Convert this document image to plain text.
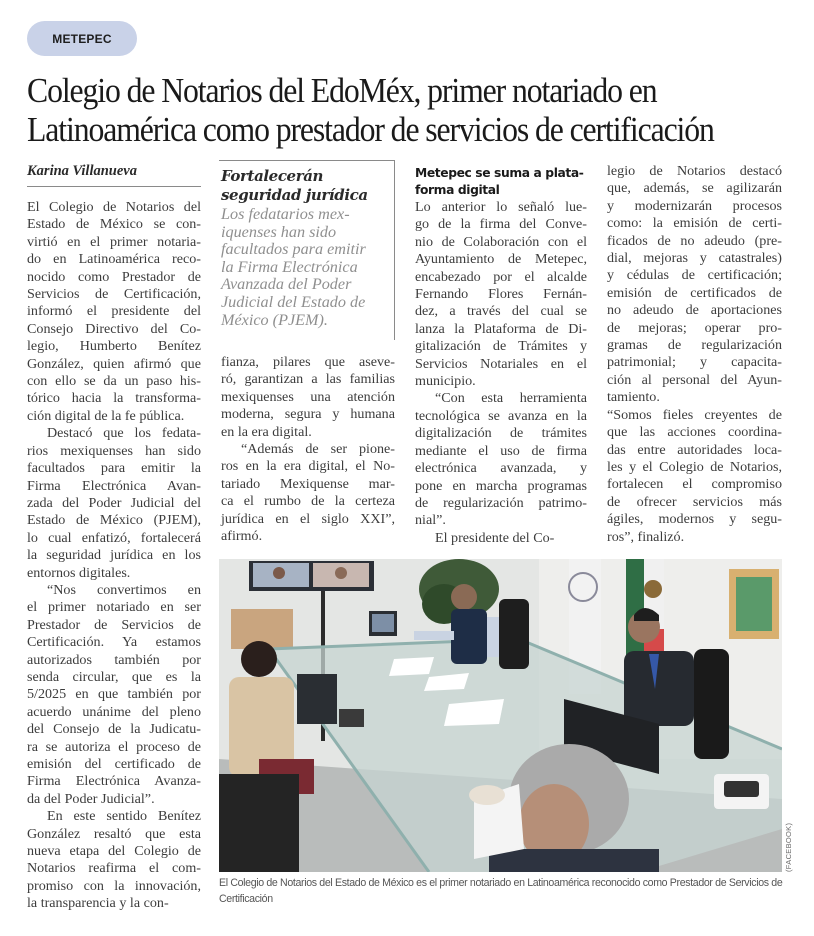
METEPEC
Colegio de Notarios del EdoMéx, primer notariado en
Latinoamérica como prestador de servicios de certificación
Karina Villanueva
El Colegio de Notarios del
Estado de México se con-
virtió en el primer notaria-
do en Latinoamérica reco-
nocido como Prestador de
Servicios de Certificación,
informó el presidente del
Consejo Directivo del Co-
legio, Humberto Benítez
González, quien afirmó que
con ello se da un paso his-
tórico hacia la transforma-
ción digital de la fe pública.
Destacó que los fedata-
rios mexiquenses han sido
facultados para emitir la
Firma Electrónica Avan-
zada del Poder Judicial del
Estado de México (PJEM),
lo cual enfatizó, fortalecerá
la seguridad jurídica en los
entornos digitales.
“Nos convertimos en
el primer notariado en ser
Prestador de Servicios de
Certificación. Ya estamos
autorizados también por
senda circular, que es la
5/2025 en que también por
acuerdo unánime del pleno
del Consejo de la Judicatu-
ra se autoriza el proceso de
emisión del certificado de
Firma Electrónica Avanza-
da del Poder Judicial”.
En este sentido Benítez
González resaltó que esta
nueva etapa del Colegio de
Notarios reafirma el com-
promiso con la innovación,
la transparencia y la con-
Fortalecerán
seguridad jurídica
Los fedatarios mex-
iquenses han sido
facultados para emitir
la Firma Electrónica
Avanzada del Poder
Judicial del Estado de
México (PJEM).
fianza, pilares que aseve-
ró, garantizan a las familias
mexiquenses una atención
moderna, segura y humana
en la era digital.
“Además de ser pione-
ros en la era digital, el No-
tariado Mexiquense mar-
ca el rumbo de la certeza
jurídica en el siglo XXI”,
afirmó.
Metepec se suma a plata-
forma digital
Lo anterior lo señaló lue-
go de la firma del Conve-
nio de Colaboración con el
Ayuntamiento de Metepec,
encabezado por el alcalde
Fernando Flores Fernán-
dez, a través del cual se
lanza la Plataforma de Di-
gitalización de Trámites y
Servicios Notariales en el
municipio.
“Con esta herramienta
tecnológica se avanza en la
digitalización de trámites
mediante el uso de firma
electrónica avanzada, y
pone en marcha programas
de regularización patrimo-
nial”.
El presidente del Co-
legio de Notarios destacó
que, además, se agilizarán
y modernizarán procesos
como: la emisión de certi-
ficados de no adeudo (pre-
dial, mejoras y catastrales)
y cédulas de certificación;
emisión de certificados de
no adeudo de aportaciones
de mejoras; operar pro-
gramas de regularización
patrimonial; y capacita-
ción al personal del Ayun-
tamiento.
“Somos fieles creyentes de
que las acciones coordina-
das entre autoridades loca-
les y el Colegio de Notarios,
fortalecen el compromiso
de ofrecer servicios más
ágiles, modernos y segu-
ros”, finalizó.
(FACEBOOK)
El Colegio de Notarios del Estado de México es el primer notariado en Latinoamérica reconocido como Prestador de Servicios de Certificación
